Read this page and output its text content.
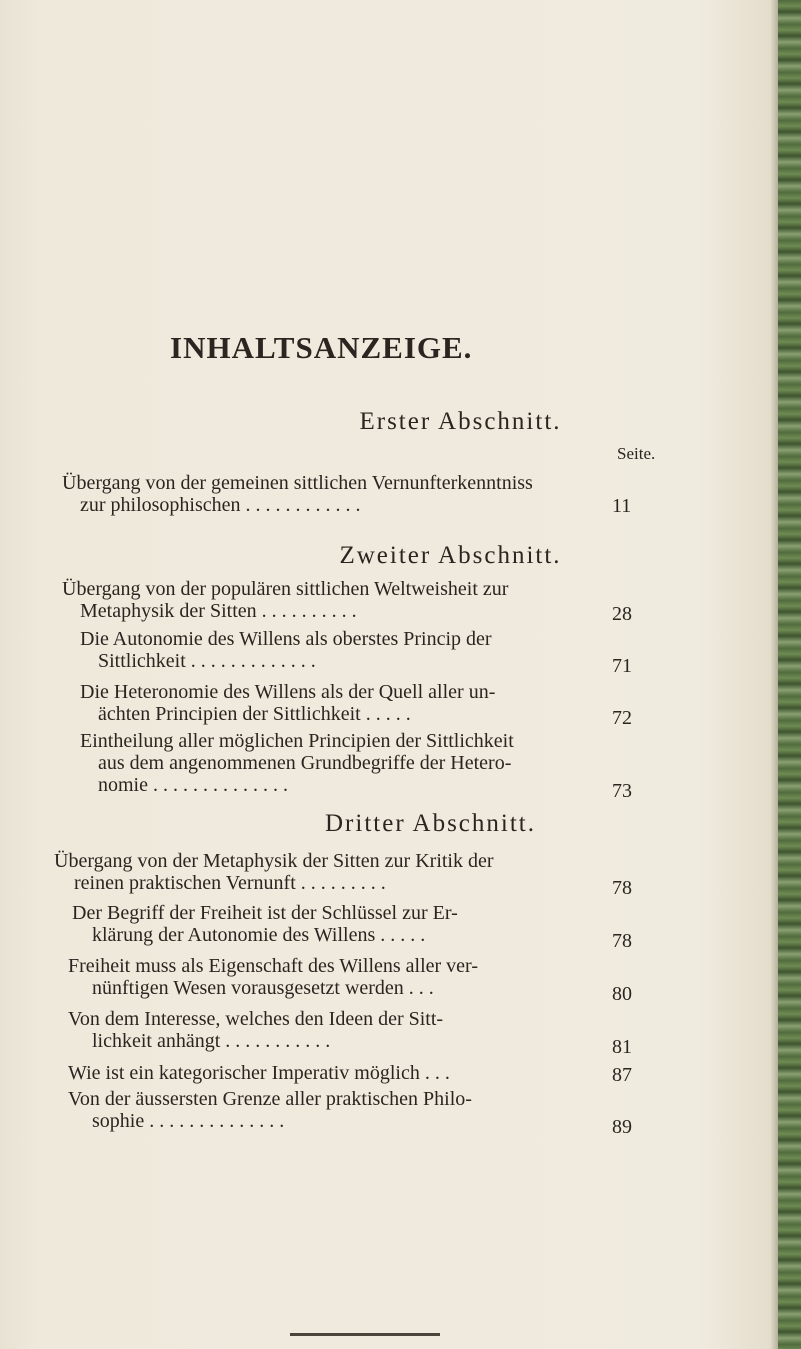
INHALTSANZEIGE.
Erster Abschnitt.
Seite.
Übergang von der gemeinen sittlichen Vernunfterkenntniss
zur philosophischen . . . . . . . . . . . .	11
Zweiter Abschnitt.
Übergang von der populären sittlichen Weltweisheit zur
Metaphysik der Sitten . . . . . . . . . .	28
Die Autonomie des Willens als oberstes Princip der
Sittlichkeit . . . . . . . . . . . . .	71
Die Heteronomie des Willens als der Quell aller un-
ächten Principien der Sittlichkeit . . . . .	72
Eintheilung aller möglichen Principien der Sittlichkeit
aus dem angenommenen Grundbegriffe der Hetero-
nomie . . . . . . . . . . . . . .	73
Dritter Abschnitt.
Übergang von der Metaphysik der Sitten zur Kritik der
reinen praktischen Vernunft . . . . . . . . .	78
Der Begriff der Freiheit ist der Schlüssel zur Er-
klärung der Autonomie des Willens . . . . .	78
Freiheit muss als Eigenschaft des Willens aller ver-
nünftigen Wesen vorausgesetzt werden . . .	80
Von dem Interesse, welches den Ideen der Sitt-
lichkeit anhängt . . . . . . . . . . .	81
Wie ist ein kategorischer Imperativ möglich . . .	87
Von der äussersten Grenze aller praktischen Philo-
sophie . . . . . . . . . . . . . .	89
